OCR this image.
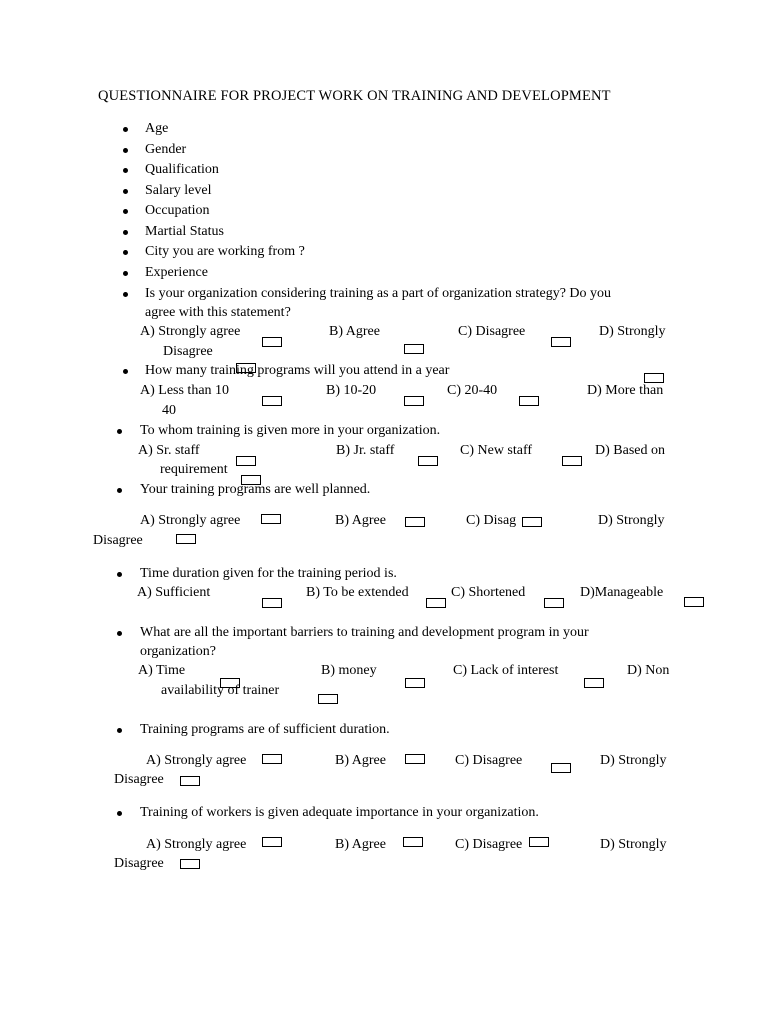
QUESTIONNAIRE FOR PROJECT WORK ON TRAINING AND DEVELOPMENT
Age
Gender
Qualification
Salary level
Occupation
Martial Status
City you are working from ?
Experience
Is your organization considering training as a part of organization strategy? Do you
agree with this statement?
A) Strongly agree	B) Agree	C) Disagree	D) Strongly
Disagree
How many training programs will you attend in a year
A) Less than 10	B) 10-20	C) 20-40	D) More than
40
To whom training is given more in your organization.
A) Sr. staff	B) Jr. staff	C) New staff	D) Based on
requirement
Your training programs are well planned.
A) Strongly agree	B) Agree	C) Disag	D) Strongly
Disagree
Time duration given for the training period is.
A) Sufficient	B) To be extended	C) Shortened	D)Manageable
What are all the important barriers to training and development program in your
organization?
A) Time	B) money	C) Lack of interest	D) Non
availability of trainer
Training programs are of sufficient duration.
A) Strongly agree	B) Agree	C) Disagree	D) Strongly
Disagree
Training of workers is given adequate importance in your organization.
A) Strongly agree	B) Agree	C) Disagree	D) Strongly
Disagree
